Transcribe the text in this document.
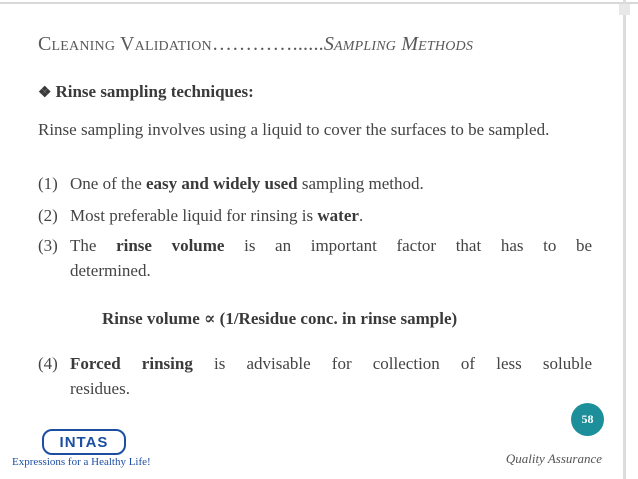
Cleaning Validation…………......Sampling Methods
❖ Rinse sampling techniques:
Rinse sampling involves using a liquid to cover the surfaces to be sampled.
(1) One of the easy and widely used sampling method.
(2) Most preferable liquid for rinsing is water.
(3) The rinse volume is an important factor that has to be
determined.
Rinse volume ∝ (1/Residue conc. in rinse sample)
(4) Forced rinsing is advisable for collection of less soluble
residues.
58
INTAS
Expressions for a Healthy Life!	Quality Assurance
